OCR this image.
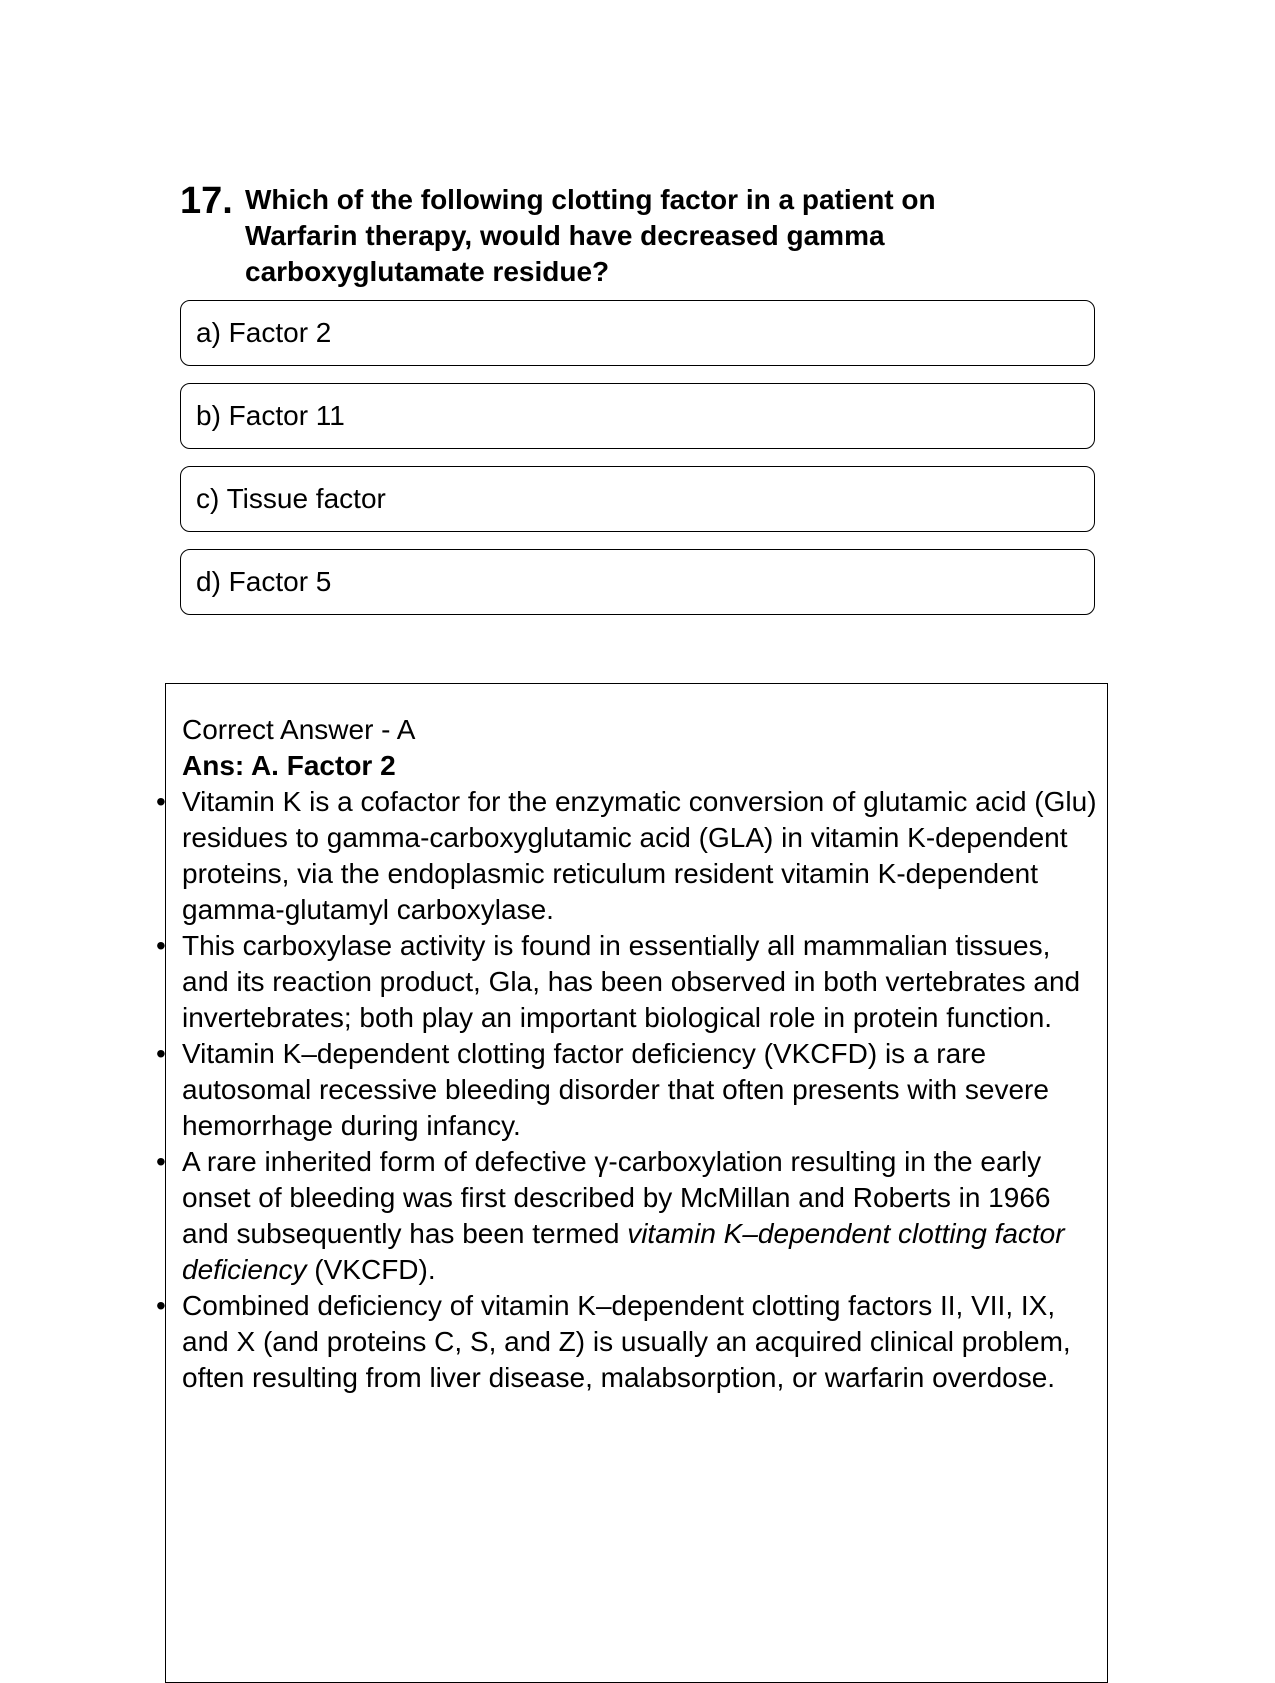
17. Which of the following clotting factor in a patient on Warfarin therapy, would have decreased gamma carboxyglutamate residue?
a) Factor 2
b) Factor 11
c) Tissue factor
d) Factor 5

Correct Answer - A

Ans: A. Factor 2

• Vitamin K is a cofactor for the enzymatic conversion of glutamic acid (Glu) residues to gamma-carboxyglutamic acid (GLA) in vitamin K-dependent proteins, via the endoplasmic reticulum resident vitamin K-dependent gamma-glutamyl carboxylase.
• This carboxylase activity is found in essentially all mammalian tissues, and its reaction product, Gla, has been observed in both vertebrates and invertebrates; both play an important biological role in protein function.
• Vitamin K–dependent clotting factor deficiency (VKCFD) is a rare autosomal recessive bleeding disorder that often presents with severe hemorrhage during infancy.
• A rare inherited form of defective γ-carboxylation resulting in the early onset of bleeding was first described by McMillan and Roberts in 1966 and subsequently has been termed vitamin K–dependent clotting factor deficiency (VKCFD).
• Combined deficiency of vitamin K–dependent clotting factors II, VII, IX, and X (and proteins C, S, and Z) is usually an acquired clinical problem, often resulting from liver disease, malabsorption, or warfarin overdose.
